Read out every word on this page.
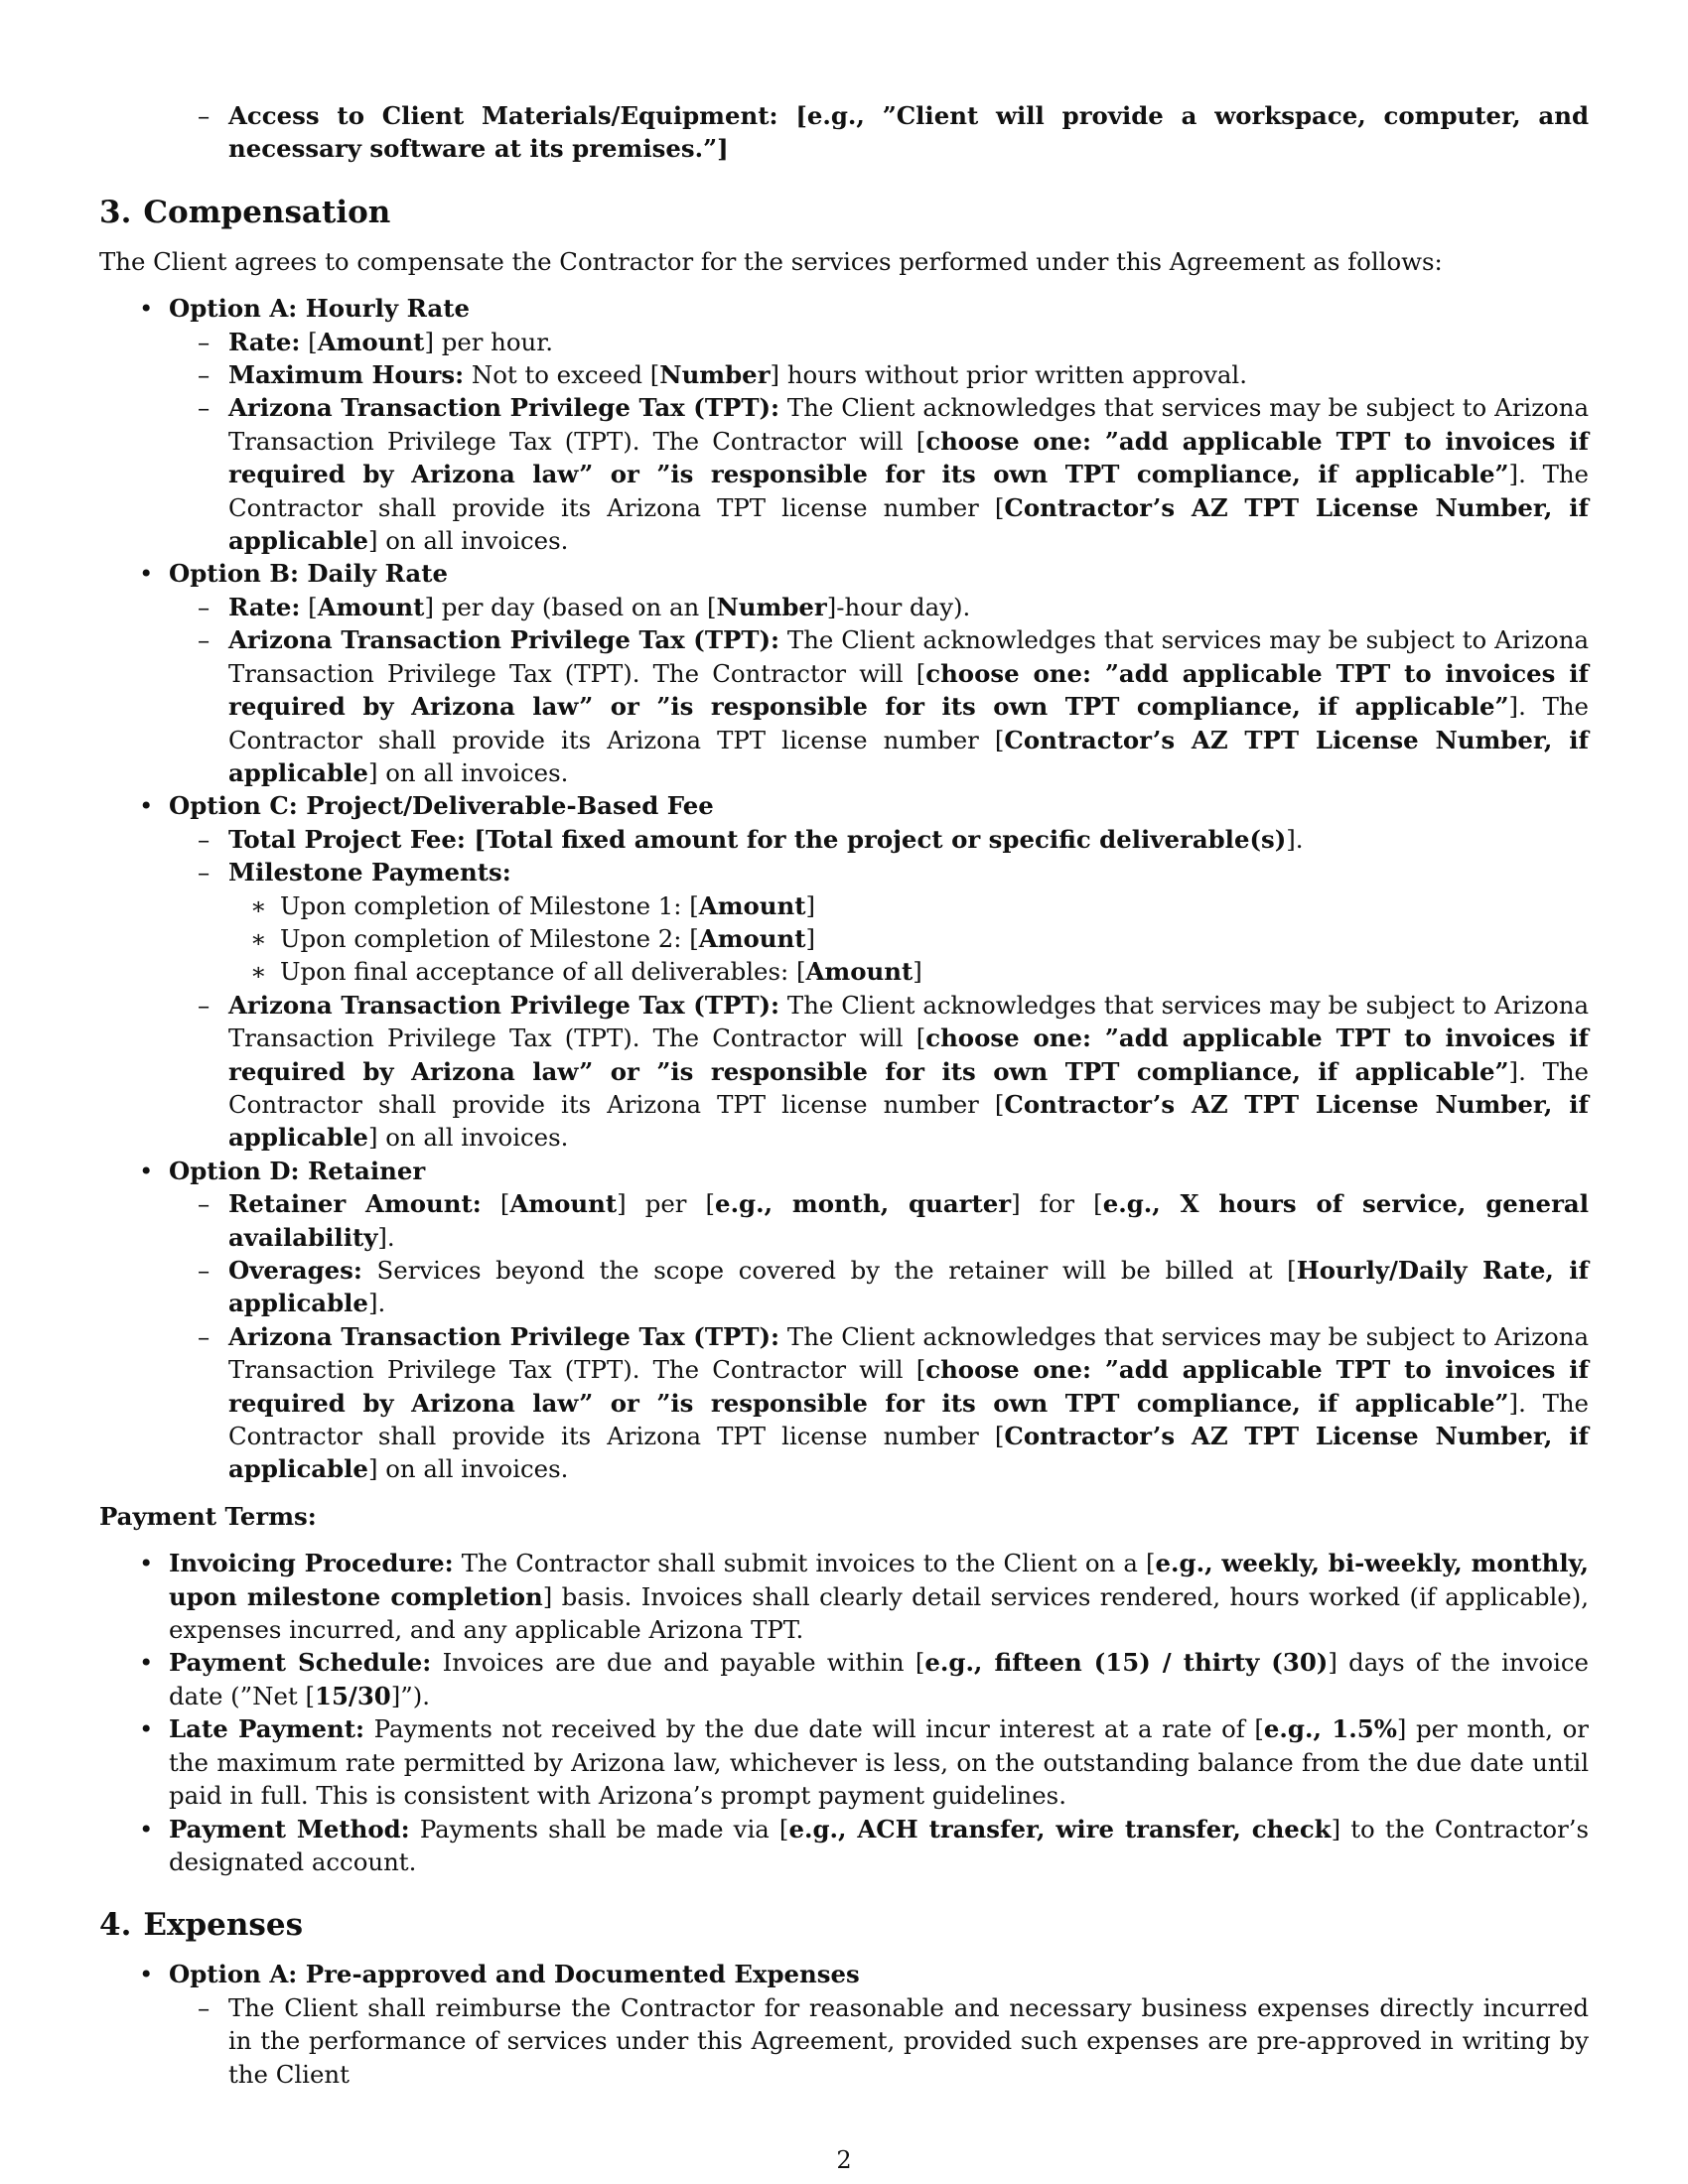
– Access to Client Materials/Equipment: [e.g., ”Client will provide a workspace, computer, and necessary software at its premises.”]
3. Compensation

The Client agrees to compensate the Contractor for the services performed under this Agreement as follows:

• Option A: Hourly Rate
– Rate: [Amount] per hour.
– Maximum Hours: Not to exceed [Number] hours without prior written approval.
– Arizona Transaction Privilege Tax (TPT): The Client acknowledges that services may be subject to Arizona Transaction Privilege Tax (TPT). The Contractor will [choose one: ”add applicable TPT to invoices if required by Arizona law” or ”is responsible for its own TPT compliance, if applicable”]. The Contractor shall provide its Arizona TPT license number [Contractor’s AZ TPT License Number, if applicable] on all invoices.
• Option B: Daily Rate
– Rate: [Amount] per day (based on an [Number]-hour day).
– Arizona Transaction Privilege Tax (TPT): The Client acknowledges that services may be subject to Arizona Transaction Privilege Tax (TPT). The Contractor will [choose one: ”add applicable TPT to invoices if required by Arizona law” or ”is responsible for its own TPT compliance, if applicable”]. The Contractor shall provide its Arizona TPT license number [Contractor’s AZ TPT License Number, if applicable] on all invoices.
• Option C: Project/Deliverable-Based Fee
– Total Project Fee: [Total fixed amount for the project or specific deliverable(s)].
– Milestone Payments:
∗ Upon completion of Milestone 1: [Amount]
∗ Upon completion of Milestone 2: [Amount]
∗ Upon final acceptance of all deliverables: [Amount]
– Arizona Transaction Privilege Tax (TPT): The Client acknowledges that services may be subject to Arizona Transaction Privilege Tax (TPT). The Contractor will [choose one: ”add applicable TPT to invoices if required by Arizona law” or ”is responsible for its own TPT compliance, if applicable”]. The Contractor shall provide its Arizona TPT license number [Contractor’s AZ TPT License Number, if applicable] on all invoices.
• Option D: Retainer
– Retainer Amount: [Amount] per [e.g., month, quarter] for [e.g., X hours of service, general availability].
– Overages: Services beyond the scope covered by the retainer will be billed at [Hourly/Daily Rate, if applicable].
– Arizona Transaction Privilege Tax (TPT): The Client acknowledges that services may be subject to Arizona Transaction Privilege Tax (TPT). The Contractor will [choose one: ”add applicable TPT to invoices if required by Arizona law” or ”is responsible for its own TPT compliance, if applicable”]. The Contractor shall provide its Arizona TPT license number [Contractor’s AZ TPT License Number, if applicable] on all invoices.

Payment Terms:

• Invoicing Procedure: The Contractor shall submit invoices to the Client on a [e.g., weekly, bi-weekly, monthly, upon milestone completion] basis. Invoices shall clearly detail services rendered, hours worked (if applicable), expenses incurred, and any applicable Arizona TPT.
• Payment Schedule: Invoices are due and payable within [e.g., fifteen (15) / thirty (30)] days of the invoice date (”Net [15/30]”).
• Late Payment: Payments not received by the due date will incur interest at a rate of [e.g., 1.5%] per month, or the maximum rate permitted by Arizona law, whichever is less, on the outstanding balance from the due date until paid in full. This is consistent with Arizona’s prompt payment guidelines.
• Payment Method: Payments shall be made via [e.g., ACH transfer, wire transfer, check] to the Contractor’s designated account.
4. Expenses
• Option A: Pre-approved and Documented Expenses
– The Client shall reimburse the Contractor for reasonable and necessary business expenses directly incurred in the performance of services under this Agreement, provided such expenses are pre-approved in writing by the Client
2
